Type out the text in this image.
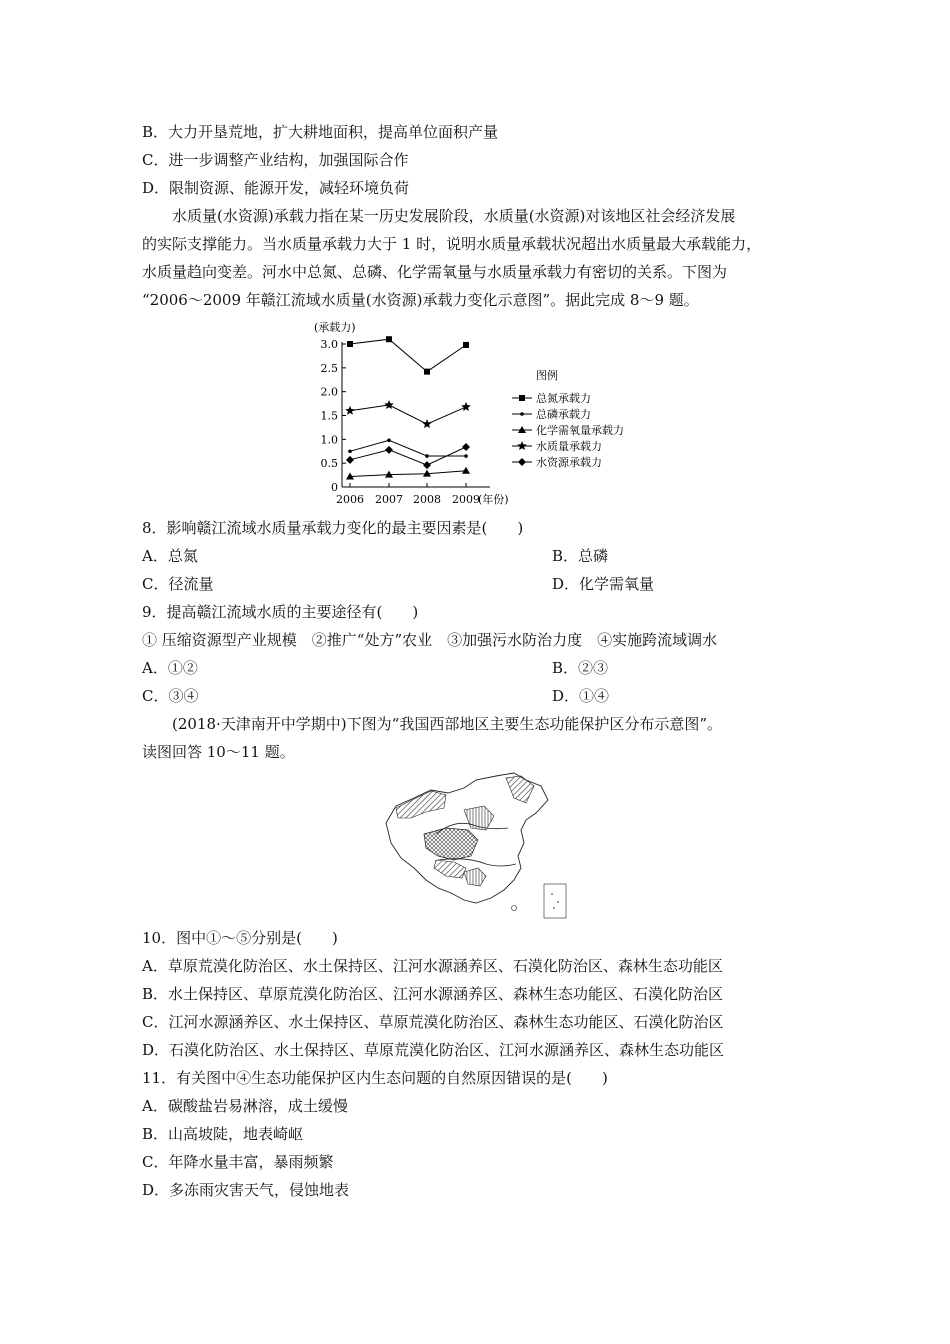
B．大力开垦荒地，扩大耕地面积，提高单位面积产量
C．进一步调整产业结构，加强国际合作
D．限制资源、能源开发，减轻环境负荷
水质量(水资源)承载力指在某一历史发展阶段，水质量(水资源)对该地区社会经济发展
的实际支撑能力。当水质量承载力大于 1 时，说明水质量承载状况超出水质量最大承载能力，
水质量趋向变差。河水中总氮、总磷、化学需氧量与水质量承载力有密切的关系。下图为
“2006～2009 年赣江流域水质量(水资源)承载力变化示意图”。据此完成 8～9 题。
(承载力)
0
0.5
1.0
1.5
2.0
2.5
3.0
2006 2007 2008 2009
(年份)
图例
总氮承载力
总磷承载力
化学需氧量承载力
水质量承载力
水资源承载力
8．影响赣江流域水质量承载力变化的最主要因素是(　　)
A．总氮	B．总磷
C．径流量	D．化学需氧量
9．提高赣江流域水质的主要途径有(　　)
① 压缩资源型产业规模　②推广“处方”农业　③加强污水防治力度　④实施跨流域调水
A．①②	B．②③
C．③④	D．①④
(2018·天津南开中学期中)下图为“我国西部地区主要生态功能保护区分布示意图”。
读图回答 10～11 题。
10．图中①～⑤分别是(　　)
A．草原荒漠化防治区、水土保持区、江河水源涵养区、石漠化防治区、森林生态功能区
B．水土保持区、草原荒漠化防治区、江河水源涵养区、森林生态功能区、石漠化防治区
C．江河水源涵养区、水土保持区、草原荒漠化防治区、森林生态功能区、石漠化防治区
D．石漠化防治区、水土保持区、草原荒漠化防治区、江河水源涵养区、森林生态功能区
11．有关图中④生态功能保护区内生态问题的自然原因错误的是(　　)
A．碳酸盐岩易淋溶，成土缓慢
B．山高坡陡，地表崎岖
C．年降水量丰富，暴雨频繁
D．多冻雨灾害天气，侵蚀地表
